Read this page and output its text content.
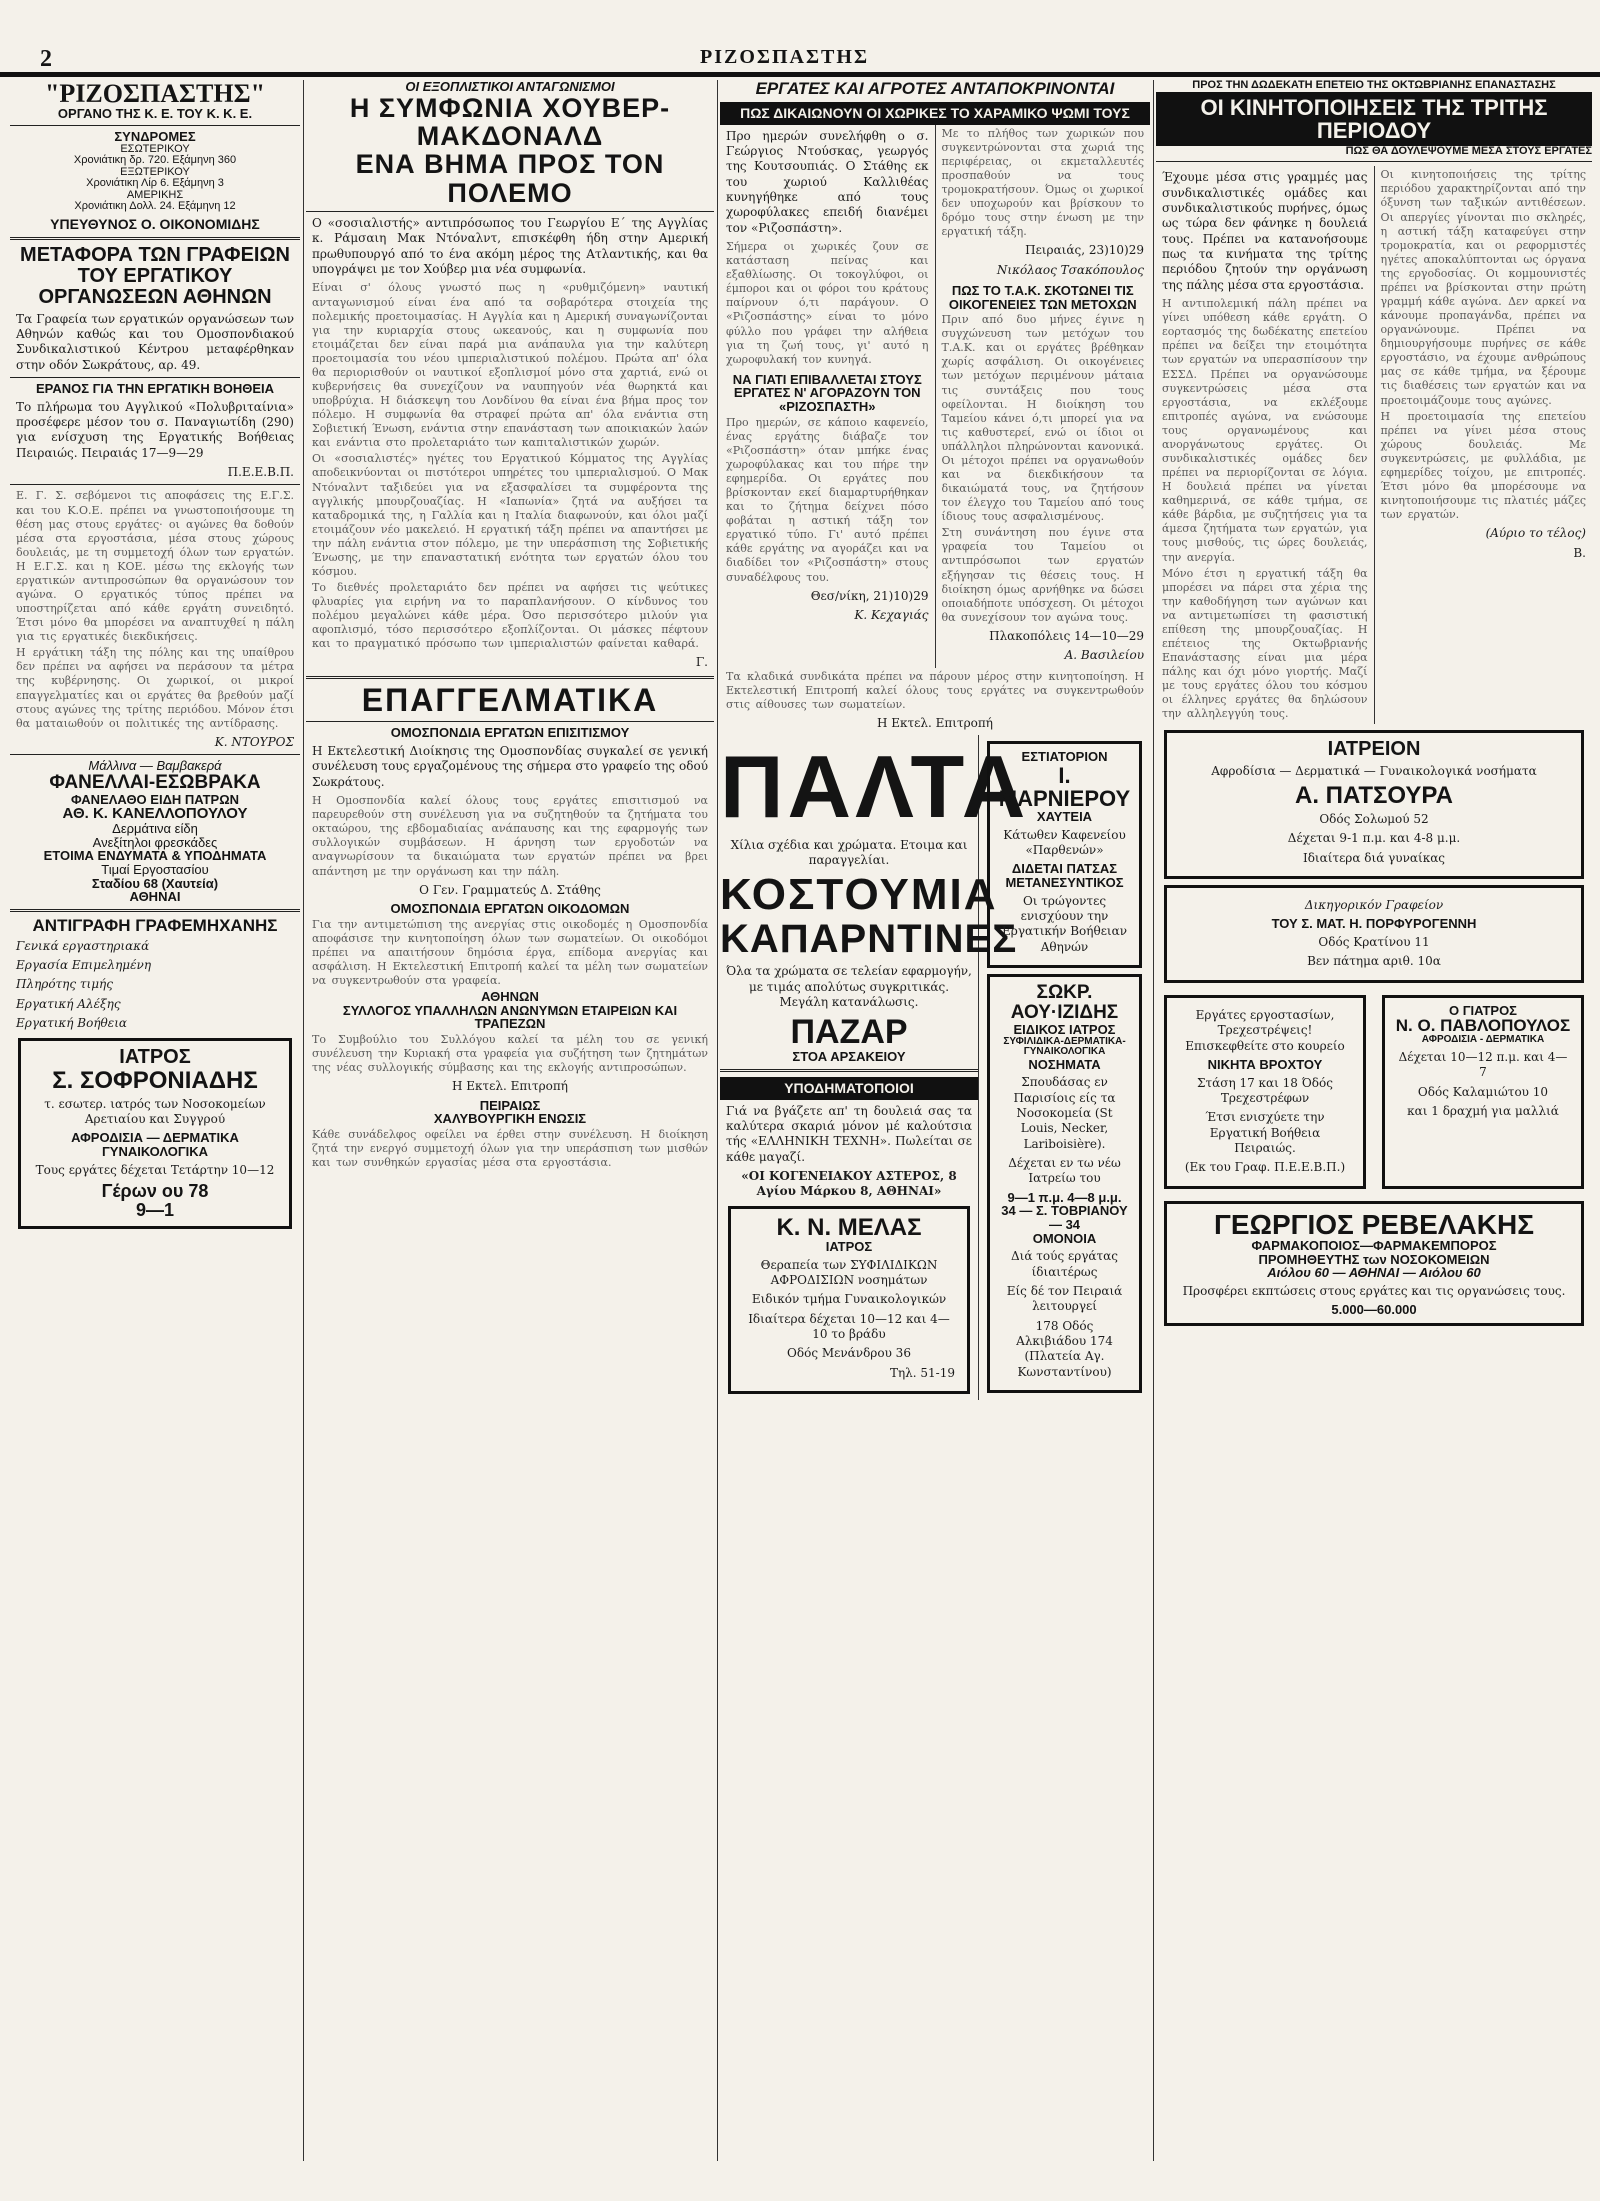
2	ΡΙΖΟΣΠΑΣΤΗΣ
"ΡΙΖΟΣΠΑΣΤΗΣ"
ΟΡΓΑΝΟ ΤΗΣ Κ. Ε. ΤΟΥ Κ. Κ. Ε.
ΣΥΝΔΡΟΜΕΣ
ΕΣΩΤΕΡΙΚΟΥ
Χρονιάτικη δρ. 720. Εξάμηνη 360
ΕΞΩΤΕΡΙΚΟΥ
Χρονιάτικη Λίρ 6. Εξάμηνη 3
ΑΜΕΡΙΚΗΣ
Χρονιάτικη Δολλ. 24. Εξάμηνη 12
ΥΠΕΥΘΥΝΟΣ Ο. ΟΙΚΟΝΟΜΙΔΗΣ
ΜΕΤΑΦΟΡΑ ΤΩΝ ΓΡΑΦΕΙΩΝ ΤΟΥ ΕΡΓΑΤΙΚΟΥ ΟΡΓΑΝΩΣΕΩΝ ΑΘΗΝΩΝ

Τα Γραφεία των εργατικών οργανώσεων των Αθηνών καθώς και του Ομοσπονδιακού Συνδικαλιστικού Κέντρου μεταφέρθηκαν στην οδόν Σωκράτους, αρ. 49.

ΕΡΑΝΟΣ ΓΙΑ ΤΗΝ ΕΡΓΑΤΙΚΗ ΒΟΗΘΕΙΑ

Το πλήρωμα του Αγγλικού «Πολυβριταίνια» προσέφερε μέσον του σ. Παναγιωτίδη (290) για ενίσχυση της Εργατικής Βοήθειας Πειραιώς. Πειραιάς 17—9—29

Π.Ε.Ε.Β.Π.

Ε. Γ. Σ. σεβόμενοι τις αποφάσεις της Ε.Γ.Σ. και του Κ.Ο.Ε. πρέπει να γνωστοποιήσουμε τη θέση μας στους εργάτες· οι αγώνες θα δοθούν μέσα στα εργοστάσια, μέσα στους χώρους δουλειάς, με τη συμμετοχή όλων των εργατών. Η Ε.Γ.Σ. και η ΚΟΕ. μέσω της εκλογής των εργατικών αντιπροσώπων θα οργανώσουν τον αγώνα. Ο εργατικός τύπος πρέπει να υποστηρίζεται από κάθε εργάτη συνειδητό. Έτσι μόνο θα μπορέσει να αναπτυχθεί η πάλη για τις εργατικές διεκδικήσεις.

Η εργάτικη τάξη της πόλης και της υπαίθρου δεν πρέπει να αφήσει να περάσουν τα μέτρα της κυβέρνησης. Οι χωρικοί, οι μικροί επαγγελματίες και οι εργάτες θα βρεθούν μαζί στους αγώνες της τρίτης περιόδου. Μόνον έτσι θα ματαιωθούν οι πολιτικές της αντίδρασης.

Κ. ΝΤΟΥΡΟΣ

Μάλλινα — Βαμβακερά
ΦΑΝΕΛΛΑΙ-ΕΣΩΒΡΑΚΑ
ΦΑΝΕΛΑΘΟ ΕΙΔΗ ΠΑΤΡΩΝ
ΑΘ. Κ. ΚΑΝΕΛΛΟΠΟΥΛΟΥ
Δερμάτινα είδη
Ανεξίτηλοι φρεσκάδες
ΕΤΟΙΜΑ ΕΝΔΥΜΑΤΑ & ΥΠΟΔΗΜΑΤΑ
Τιμαί Εργοστασίου
Σταδίου 68 (Χαυτεία)
ΑΘΗΝΑΙ
ΑΝΤΙΓΡΑΦΗ ΓΡΑΦΕΜΗΧΑΝΗΣ
Γενικά εργαστηριακά
Εργασία Επιμελημένη
Πληρότης τιμής
Εργατική Αλέξης
Εργατική Βοήθεια
ΙΑΤΡΟΣ
Σ. ΣΟΦΡΟΝΙΑΔΗΣ
τ. εσωτερ. ιατρός των Νοσοκομείων Αρετιαίου και Συγγρού
ΑΦΡΟΔΙΣΙΑ — ΔΕΡΜΑΤΙΚΑ ΓΥΝΑΙΚΟΛΟΓΙΚΑ
Τους εργάτες δέχεται Τετάρτην 10—12
Γέρων ου 78
9—1
ΟΙ ΕΞΟΠΛΙΣΤΙΚΟΙ ΑΝΤΑΓΩΝΙΣΜΟΙ
Η ΣΥΜΦΩΝΙΑ ΧΟΥΒΕΡ-ΜΑΚΔΟΝΑΛΔ
ΕΝΑ ΒΗΜΑ ΠΡΟΣ ΤΟΝ ΠΟΛΕΜΟ

Ο «σοσιαλιστής» αντιπρόσωπος του Γεωργίου Ε΄ της Αγγλίας κ. Ράμσαιη Μακ Ντόναλντ, επισκέφθη ήδη στην Αμερική πρωθυπουργό από το ένα ακόμη μέρος της Ατλαντικής, και θα υπογράψει με τον Χούβερ μια νέα συμφωνία.

Είναι σ' όλους γνωστό πως η «ρυθμιζόμενη» ναυτική ανταγωνισμού είναι ένα από τα σοβαρότερα στοιχεία της πολεμικής προετοιμασίας. Η Αγγλία και η Αμερική συναγωνίζονται για την κυριαρχία στους ωκεανούς, και η συμφωνία που ετοιμάζεται δεν είναι παρά μια ανάπαυλα για την καλύτερη προετοιμασία του νέου ιμπεριαλιστικού πολέμου. Πρώτα απ' όλα θα περιορισθούν οι ναυτικοί εξοπλισμοί μόνο στα χαρτιά, ενώ οι κυβερνήσεις θα συνεχίζουν να ναυπηγούν νέα θωρηκτά και υποβρύχια. Η διάσκεψη του Λονδίνου θα είναι ένα βήμα προς τον πόλεμο. Η συμφωνία θα στραφεί πρώτα απ' όλα ενάντια στη Σοβιετική Ένωση, ενάντια στην επανάσταση των αποικιακών λαών και ενάντια στο προλεταριάτο των καπιταλιστικών χωρών.

Οι «σοσιαλιστές» ηγέτες του Εργατικού Κόμματος της Αγγλίας αποδεικνύονται οι πιστότεροι υπηρέτες του ιμπεριαλισμού. Ο Μακ Ντόναλντ ταξιδεύει για να εξασφαλίσει τα συμφέροντα της αγγλικής μπουρζουαζίας. Η «Ιαπωνία» ζητά να αυξήσει τα καταδρομικά της, η Γαλλία και η Ιταλία διαφωνούν, και όλοι μαζί ετοιμάζουν νέο μακελειό. Η εργατική τάξη πρέπει να απαντήσει με την πάλη ενάντια στον πόλεμο, με την υπεράσπιση της Σοβιετικής Ένωσης, με την επαναστατική ενότητα των εργατών όλου του κόσμου.

Το διεθνές προλεταριάτο δεν πρέπει να αφήσει τις ψεύτικες φλυαρίες για ειρήνη να το παραπλανήσουν. Ο κίνδυνος του πολέμου μεγαλώνει κάθε μέρα. Όσο περισσότερο μιλούν για αφοπλισμό, τόσο περισσότερο εξοπλίζονται. Οι μάσκες πέφτουν και το πραγματικό πρόσωπο των ιμπεριαλιστών φαίνεται καθαρά.

Γ.

ΕΠΑΓΓΕΛΜΑΤΙΚΑ
ΟΜΟΣΠΟΝΔΙΑ ΕΡΓΑΤΩΝ ΕΠΙΣΙΤΙΣΜΟΥ

Η Εκτελεστική Διοίκησις της Ομοσπονδίας συγκαλεί σε γενική συνέλευση τους εργαζομένους της σήμερα στο γραφείο της οδού Σωκράτους.

Η Ομοσπονδία καλεί όλους τους εργάτες επισιτισμού να παρευρεθούν στη συνέλευση για να συζητηθούν τα ζητήματα του οκταώρου, της εβδομαδιαίας ανάπαυσης και της εφαρμογής των συλλογικών συμβάσεων. Η άρνηση των εργοδοτών να αναγνωρίσουν τα δικαιώματα των εργατών πρέπει να βρει απάντηση με την οργάνωση και την πάλη.

Ο Γεν. Γραμματεύς Δ. Στάθης

ΟΜΟΣΠΟΝΔΙΑ ΕΡΓΑΤΩΝ ΟΙΚΟΔΟΜΩΝ

Για την αντιμετώπιση της ανεργίας στις οικοδομές η Ομοσπονδία αποφάσισε την κινητοποίηση όλων των σωματείων. Οι οικοδόμοι πρέπει να απαιτήσουν δημόσια έργα, επίδομα ανεργίας και ασφάλιση. Η Εκτελεστική Επιτροπή καλεί τα μέλη των σωματείων να συγκεντρωθούν στα γραφεία.

ΑΘΗΝΩΝ
ΣΥΛΛΟΓΟΣ ΥΠΑΛΛΗΛΩΝ ΑΝΩΝΥΜΩΝ ΕΤΑΙΡΕΙΩΝ ΚΑΙ ΤΡΑΠΕΖΩΝ

Το Συμβούλιο του Συλλόγου καλεί τα μέλη του σε γενική συνέλευση την Κυριακή στα γραφεία για συζήτηση των ζητημάτων της νέας συλλογικής σύμβασης και της εκλογής αντιπροσώπων.

Η Εκτελ. Επιτροπή

ΠΕΙΡΑΙΩΣ
ΧΑΛΥΒΟΥΡΓΙΚΗ ΕΝΩΣΙΣ

Κάθε συνάδελφος οφείλει να έρθει στην συνέλευση. Η διοίκηση ζητά την ενεργό συμμετοχή όλων για την υπεράσπιση των μισθών και των συνθηκών εργασίας μέσα στα εργοστάσια.

ΕΡΓΑΤΕΣ ΚΑΙ ΑΓΡΟΤΕΣ ΑΝΤΑΠΟΚΡΙΝΟΝΤΑΙ
ΠΩΣ ΔΙΚΑΙΩΝΟΥΝ ΟΙ ΧΩΡΙΚΕΣ ΤΟ ΧΑΡΑΜΙΚΟ ΨΩΜΙ ΤΟΥΣ

Προ ημερών συνελήφθη ο σ. Γεώργιος Ντούσκας, γεωργός της Κουτσουπιάς. Ο Στάθης εκ του χωριού Καλλιθέας κυνηγήθηκε από τους χωροφύλακες επειδή διανέμει τον «Ριζοσπάστη».

Σήμερα οι χωρικές ζουν σε κατάσταση πείνας και εξαθλίωσης. Οι τοκογλύφοι, οι έμποροι και οι φόροι του κράτους παίρνουν ό,τι παράγουν. Ο «Ριζοσπάστης» είναι το μόνο φύλλο που γράφει την αλήθεια για τη ζωή τους, γι' αυτό η χωροφυλακή τον κυνηγά.

ΝΑ ΓΙΑΤΙ ΕΠΙΒΑΛΛΕΤΑΙ ΣΤΟΥΣ ΕΡΓΑΤΕΣ Ν' ΑΓΟΡΑΖΟΥΝ ΤΟΝ «ΡΙΖΟΣΠΑΣΤΗ»

Προ ημερών, σε κάποιο καφενείο, ένας εργάτης διάβαζε τον «Ριζοσπάστη» όταν μπήκε ένας χωροφύλακας και του πήρε την εφημερίδα. Οι εργάτες που βρίσκονταν εκεί διαμαρτυρήθηκαν και το ζήτημα δείχνει πόσο φοβάται η αστική τάξη τον εργατικό τύπο. Γι' αυτό πρέπει κάθε εργάτης να αγοράζει και να διαδίδει τον «Ριζοσπάστη» στους συναδέλφους του.

Θεσ/νίκη, 21)10)29

Κ. Κεχαγιάς

Με το πλήθος των χωρικών που συγκεντρώνονται στα χωριά της περιφέρειας, οι εκμεταλλευτές προσπαθούν να τους τρομοκρατήσουν. Όμως οι χωρικοί δεν υποχωρούν και βρίσκουν το δρόμο τους στην ένωση με την εργατική τάξη.

Πειραιάς, 23)10)29

Νικόλαος Τσακόπουλος

ΠΩΣ ΤΟ Τ.Α.Κ. ΣΚΟΤΩΝΕΙ ΤΙΣ ΟΙΚΟΓΕΝΕΙΕΣ ΤΩΝ ΜΕΤΟΧΩΝ

Πριν από δυο μήνες έγινε η συγχώνευση των μετόχων του Τ.Α.Κ. και οι εργάτες βρέθηκαν χωρίς ασφάλιση. Οι οικογένειες των μετόχων περιμένουν μάταια τις συντάξεις που τους οφείλονται. Η διοίκηση του Ταμείου κάνει ό,τι μπορεί για να τις καθυστερεί, ενώ οι ίδιοι οι υπάλληλοι πληρώνονται κανονικά. Οι μέτοχοι πρέπει να οργανωθούν και να διεκδικήσουν τα δικαιώματά τους, να ζητήσουν τον έλεγχο του Ταμείου από τους ίδιους τους ασφαλισμένους.

Στη συνάντηση που έγινε στα γραφεία του Ταμείου οι αντιπρόσωποι των εργατών εξήγησαν τις θέσεις τους. Η διοίκηση όμως αρνήθηκε να δώσει οποιαδήποτε υπόσχεση. Οι μέτοχοι θα συνεχίσουν τον αγώνα τους.

Πλακοπόλεις 14—10—29

Α. Βασιλείου

Τα κλαδικά συνδικάτα πρέπει να πάρουν μέρος στην κινητοποίηση. Η Εκτελεστική Επιτροπή καλεί όλους τους εργάτες να συγκεντρωθούν στις αίθουσες των σωματείων.

Η Εκτελ. Επιτροπή

ΠΑΛΤΑ
Χίλια σχέδια και χρώματα. Ετοιμα και παραγγελίαι.
ΚΟΣΤΟΥΜΙΑ
ΚΑΠΑΡΝΤΙΝΕΣ
Όλα τα χρώματα σε τελείαν εφαρμογήν, με τιμάς απολύτως συγκριτικάς. Μεγάλη κατανάλωσις.
ΠΑΖΑΡ
ΣΤΟΑ ΑΡΣΑΚΕΙΟΥ
ΥΠΟΔΗΜΑΤΟΠΟΙΟΙ

Γιά να βγάζετε απ' τη δουλειά σας τα καλύτερα σκαριά μόνον μέ καλούτσια τής «ΕΛΛΗΝΙΚΗ ΤΕΧΝΗ». Πωλείται σε κάθε μαγαζί.

«ΟΙ ΚΟΓΕΝΕΙΑΚΟΥ ΑΣΤΕΡΟΣ, 8 Αγίου Μάρκου 8, ΑΘΗΝΑΙ»

Κ. Ν. ΜΕΛΑΣ
ΙΑΤΡΟΣ
Θεραπεία των ΣΥΦΙΛΙΔΙΚΩΝ ΑΦΡΟΔΙΣΙΩΝ νοσημάτων
Ειδικόν τμήμα Γυναικολογικών
Ιδιαίτερα δέχεται 10—12 και 4—10 το βράδυ
Οδός Μενάνδρου 36
Τηλ. 51-19
ΕΣΤΙΑΤΟΡΙΟΝ
Ι. ΜΑΡΝΙΕΡΟΥ
ΧΑΥΤΕΙΑ
Κάτωθεν Καφενείου «Παρθενών»
ΔΙΔΕΤΑΙ ΠΑΤΣΑΣ ΜΕΤΑΝΕΣΥΝΤΙΚΟΣ
Οι τρώγοντες ενισχύουν την Εργατικήν Βοήθειαν Αθηνών
ΣΩΚΡ. ΑΟΥ·ΙΖΙΔΗΣ
ΕΙΔΙΚΟΣ ΙΑΤΡΟΣ
ΣΥΦΙΛΙΔΙΚΑ-ΔΕΡΜΑΤΙΚΑ-ΓΥΝΑΙΚΟΛΟΓΙΚΑ
ΝΟΣΗΜΑΤΑ
Σπουδάσας εν Παρισίοις είς τα Νοσοκομεία (St Louis, Necker, Lariboisière).
Δέχεται εν τω νέω Ιατρείω του
9—1 π.μ. 4—8 μ.μ.
34 — Σ. ΤΟΒΡΙΑΝΟΥ — 34
ΟΜΟΝΟΙΑ
Διά τούς εργάτας ίδιαιτέρως
Είς δέ τον Πειραιά λειτουργεί
178 Οδός Αλκιβιάδου 174 (Πλατεία Αγ. Κωνσταντίνου)
ΠΡΟΣ ΤΗΝ ΔΩΔΕΚΑΤΗ ΕΠΕΤΕΙΟ ΤΗΣ ΟΚΤΩΒΡΙΑΝΗΣ ΕΠΑΝΑΣΤΑΣΗΣ
ΟΙ ΚΙΝΗΤΟΠΟΙΗΣΕΙΣ ΤΗΣ ΤΡΙΤΗΣ ΠΕΡΙΟΔΟΥ
ΠΩΣ ΘΑ ΔΟΥΛΕΨΟΥΜΕ ΜΕΣΑ ΣΤΟΥΣ ΕΡΓΑΤΕΣ

Έχουμε μέσα στις γραμμές μας συνδικαλιστικές ομάδες και συνδικαλιστικούς πυρήνες, όμως ως τώρα δεν φάνηκε η δουλειά τους. Πρέπει να κατανοήσουμε πως τα κινήματα της τρίτης περιόδου ζητούν την οργάνωση της πάλης μέσα στα εργοστάσια.

Η αντιπολεμική πάλη πρέπει να γίνει υπόθεση κάθε εργάτη. Ο εορτασμός της δωδέκατης επετείου πρέπει να δείξει την ετοιμότητα των εργατών να υπερασπίσουν την ΕΣΣΔ. Πρέπει να οργανώσουμε συγκεντρώσεις μέσα στα εργοστάσια, να εκλέξουμε επιτροπές αγώνα, να ενώσουμε τους οργανωμένους και ανοργάνωτους εργάτες. Οι συνδικαλιστικές ομάδες δεν πρέπει να περιορίζονται σε λόγια. Η δουλειά πρέπει να γίνεται καθημερινά, σε κάθε τμήμα, σε κάθε βάρδια, με συζητήσεις για τα άμεσα ζητήματα των εργατών, για τους μισθούς, τις ώρες δουλειάς, την ανεργία.

Μόνο έτσι η εργατική τάξη θα μπορέσει να πάρει στα χέρια της την καθοδήγηση των αγώνων και να αντιμετωπίσει τη φασιστική επίθεση της μπουρζουαζίας. Η επέτειος της Οκτωβριανής Επανάστασης είναι μια μέρα πάλης και όχι μόνο γιορτής. Μαζί με τους εργάτες όλου του κόσμου οι έλληνες εργάτες θα δηλώσουν την αλληλεγγύη τους.

Οι κινητοποιήσεις της τρίτης περιόδου χαρακτηρίζονται από την όξυνση των ταξικών αντιθέσεων. Οι απεργίες γίνονται πιο σκληρές, η αστική τάξη καταφεύγει στην τρομοκρατία, και οι ρεφορμιστές ηγέτες αποκαλύπτονται ως όργανα της εργοδοσίας. Οι κομμουνιστές πρέπει να βρίσκονται στην πρώτη γραμμή κάθε αγώνα. Δεν αρκεί να κάνουμε προπαγάνδα, πρέπει να οργανώνουμε. Πρέπει να δημιουργήσουμε πυρήνες σε κάθε εργοστάσιο, να έχουμε ανθρώπους μας σε κάθε τμήμα, να ξέρουμε τις διαθέσεις των εργατών και να προετοιμάζουμε τους αγώνες.

Η προετοιμασία της επετείου πρέπει να γίνει μέσα στους χώρους δουλειάς. Με συγκεντρώσεις, με φυλλάδια, με εφημερίδες τοίχου, με επιτροπές. Έτσι μόνο θα μπορέσουμε να κινητοποιήσουμε τις πλατιές μάζες των εργατών.

(Αύριο το τέλος)

Β.

ΙΑΤΡΕΙΟΝ
Αφροδίσια — Δερματικά — Γυναικολογικά νοσήματα
Α. ΠΑΤΣΟΥΡΑ
Οδός Σολωμού 52
Δέχεται 9-1 π.μ. και 4-8 μ.μ.
Ιδιαίτερα διά γυναίκας
Δικηγορικόν Γραφείον
ΤΟΥ Σ. ΜΑΤ. Η. ΠΟΡΦΥΡΟΓΕΝΝΗ
Οδός Κρατίνου 11
Βεν πάτημα αριθ. 10α
Εργάτες εργοστασίων, Τρεχεστρέψεις! Επισκεφθείτε στο κουρείο
ΝΙΚΗΤΑ ΒΡΟΧΤΟΥ
Στάση 17 και 18 Όδός Τρεχεστρέφων
Έτσι ενισχύετε την Εργατική Βοήθεια Πειραιώς.
(Εκ του Γραφ. Π.Ε.Ε.Β.Π.)
Ο ΓΙΑΤΡΟΣ
Ν. Ο. ΠΑΒΛΟΠΟΥΛΟΣ
ΑΦΡΟΔΙΣΙΑ - ΔΕΡΜΑΤΙΚΑ
Δέχεται 10—12 π.μ. και 4—7
Οδός Καλαμιώτου 10
και 1 δραχμή για μαλλιά
ΓΕΩΡΓΙΟΣ ΡΕΒΕΛΑΚΗΣ
ΦΑΡΜΑΚΟΠΟΙΟΣ—ΦΑΡΜΑΚΕΜΠΟΡΟΣ
ΠΡΟΜΗΘΕΥΤΗΣ των ΝΟΣΟΚΟΜΕΙΩΝ
Αιόλου 60 — ΑΘΗΝΑΙ — Αιόλου 60
Προσφέρει εκπτώσεις στους εργάτες και τις οργανώσεις τους.
5.000—60.000
